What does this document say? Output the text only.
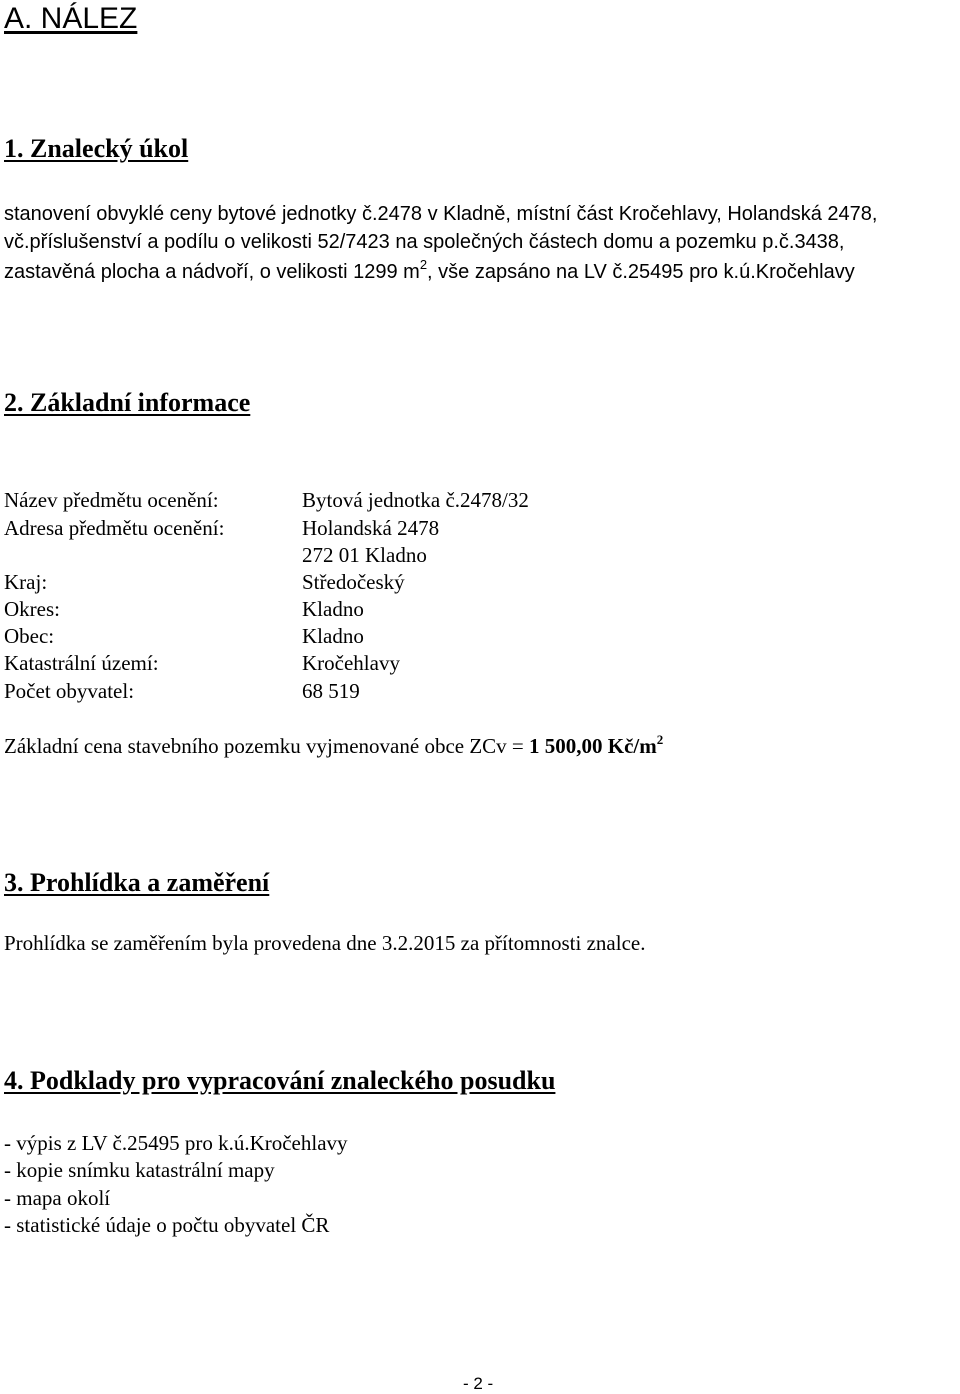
A. NÁLEZ
1. Znalecký úkol
stanovení obvyklé ceny bytové jednotky č.2478 v Kladně, místní část Kročehlavy, Holandská 2478,
vč.příslušenství a podílu o velikosti 52/7423 na společných částech domu a pozemku p.č.3438,
zastavěná plocha a nádvoří, o velikosti 1299 $m^2$, vše zapsáno na LV č.25495 pro k.ú.Kročehlavy
2. Základní informace
Název předmětu ocenění:	Bytová jednotka č.2478/32
Adresa předmětu ocenění:	Holandská 2478
272 01 Kladno
Kraj:	Středočeský
Okres:	Kladno
Obec:	Kladno
Katastrální území:	Kročehlavy
Počet obyvatel:	68 519
Základní cena stavebního pozemku vyjmenované obce ZCv = 1 500,00 $Kč/m^2$
3. Prohlídka a zaměření
Prohlídka se zaměřením byla provedena dne 3.2.2015 za přítomnosti znalce.
4. Podklady pro vypracování znaleckého posudku
- výpis z LV č.25495 pro k.ú.Kročehlavy
- kopie snímku katastrální mapy
- mapa okolí
- statistické údaje o počtu obyvatel ČR
- 2 -
